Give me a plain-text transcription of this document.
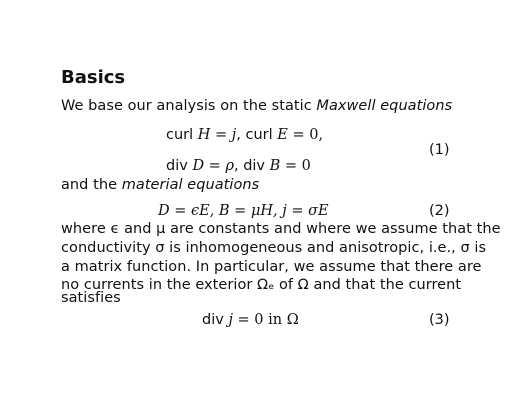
Basics
We base our analysis on the static Maxwell equations
curl H = j, curl E = 0,
div D = ρ, div B = 0
(1)
and the material equations
D = ϵE, B = μH, j = σE	(2)
where ϵ and μ are constants and where we assume that the
conductivity σ is inhomogeneous and anisotropic, i.e., σ is
a matrix function. In particular, we assume that there are
no currents in the exterior Ωₑ of Ω and that the current
satisfies
div j = 0 in Ω	(3)
